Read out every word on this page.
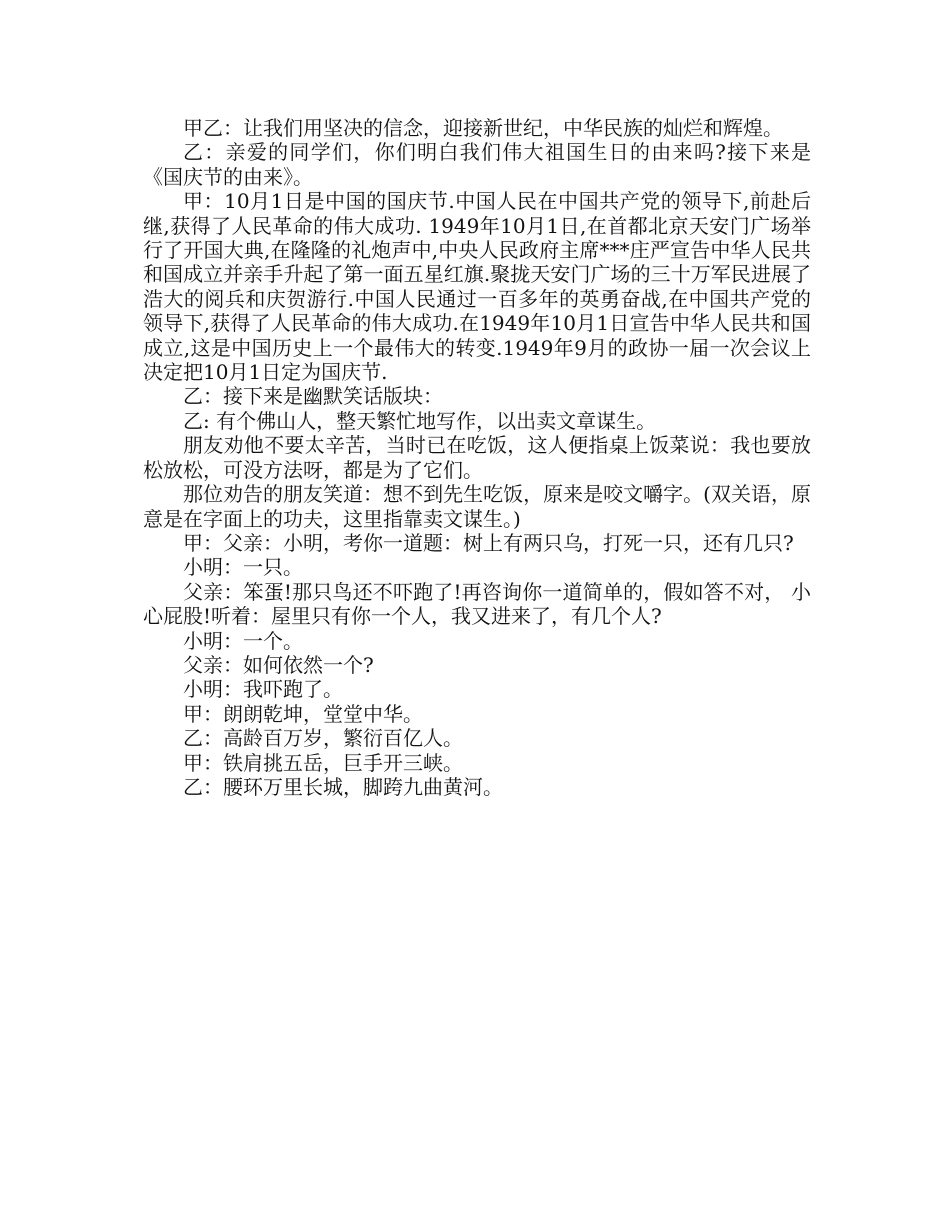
甲乙：让我们用坚决的信念，迎接新世纪，中华民族的灿烂和辉煌。

乙：亲爱的同学们，你们明白我们伟大祖国生日的由来吗?接下来是《国庆节的由来》。

甲：10月1日是中国的国庆节.中国人民在中国共产党的领导下,前赴后继,获得了人民革命的伟大成功. 1949年10月1日,在首都北京天安门广场举行了开国大典,在隆隆的礼炮声中,中央人民政府主席***庄严宣告中华人民共和国成立并亲手升起了第一面五星红旗.聚拢天安门广场的三十万军民进展了浩大的阅兵和庆贺游行.中国人民通过一百多年的英勇奋战,在中国共产党的领导下,获得了人民革命的伟大成功.在1949年10月1日宣告中华人民共和国成立,这是中国历史上一个最伟大的转变.1949年9月的政协一届一次会议上决定把10月1日定为国庆节.

乙：接下来是幽默笑话版块：

乙: 有个佛山人，整天繁忙地写作，以出卖文章谋生。

朋友劝他不要太辛苦，当时已在吃饭，这人便指桌上饭菜说：我也要放松放松，可没方法呀，都是为了它们。

那位劝告的朋友笑道：想不到先生吃饭，原来是咬文嚼字。(双关语，原意是在字面上的功夫，这里指靠卖文谋生。)

甲：父亲：小明，考你一道题：树上有两只乌，打死一只，还有几只?

小明：一只。

父亲：笨蛋!那只鸟还不吓跑了!再咨询你一道简单的，假如答不对， 小心屁股!听着：屋里只有你一个人，我又进来了，有几个人?

小明：一个。

父亲：如何依然一个?

小明：我吓跑了。

甲：朗朗乾坤，堂堂中华。

乙：高龄百万岁，繁衍百亿人。

甲：铁肩挑五岳，巨手开三峡。

乙：腰环万里长城，脚跨九曲黄河。
